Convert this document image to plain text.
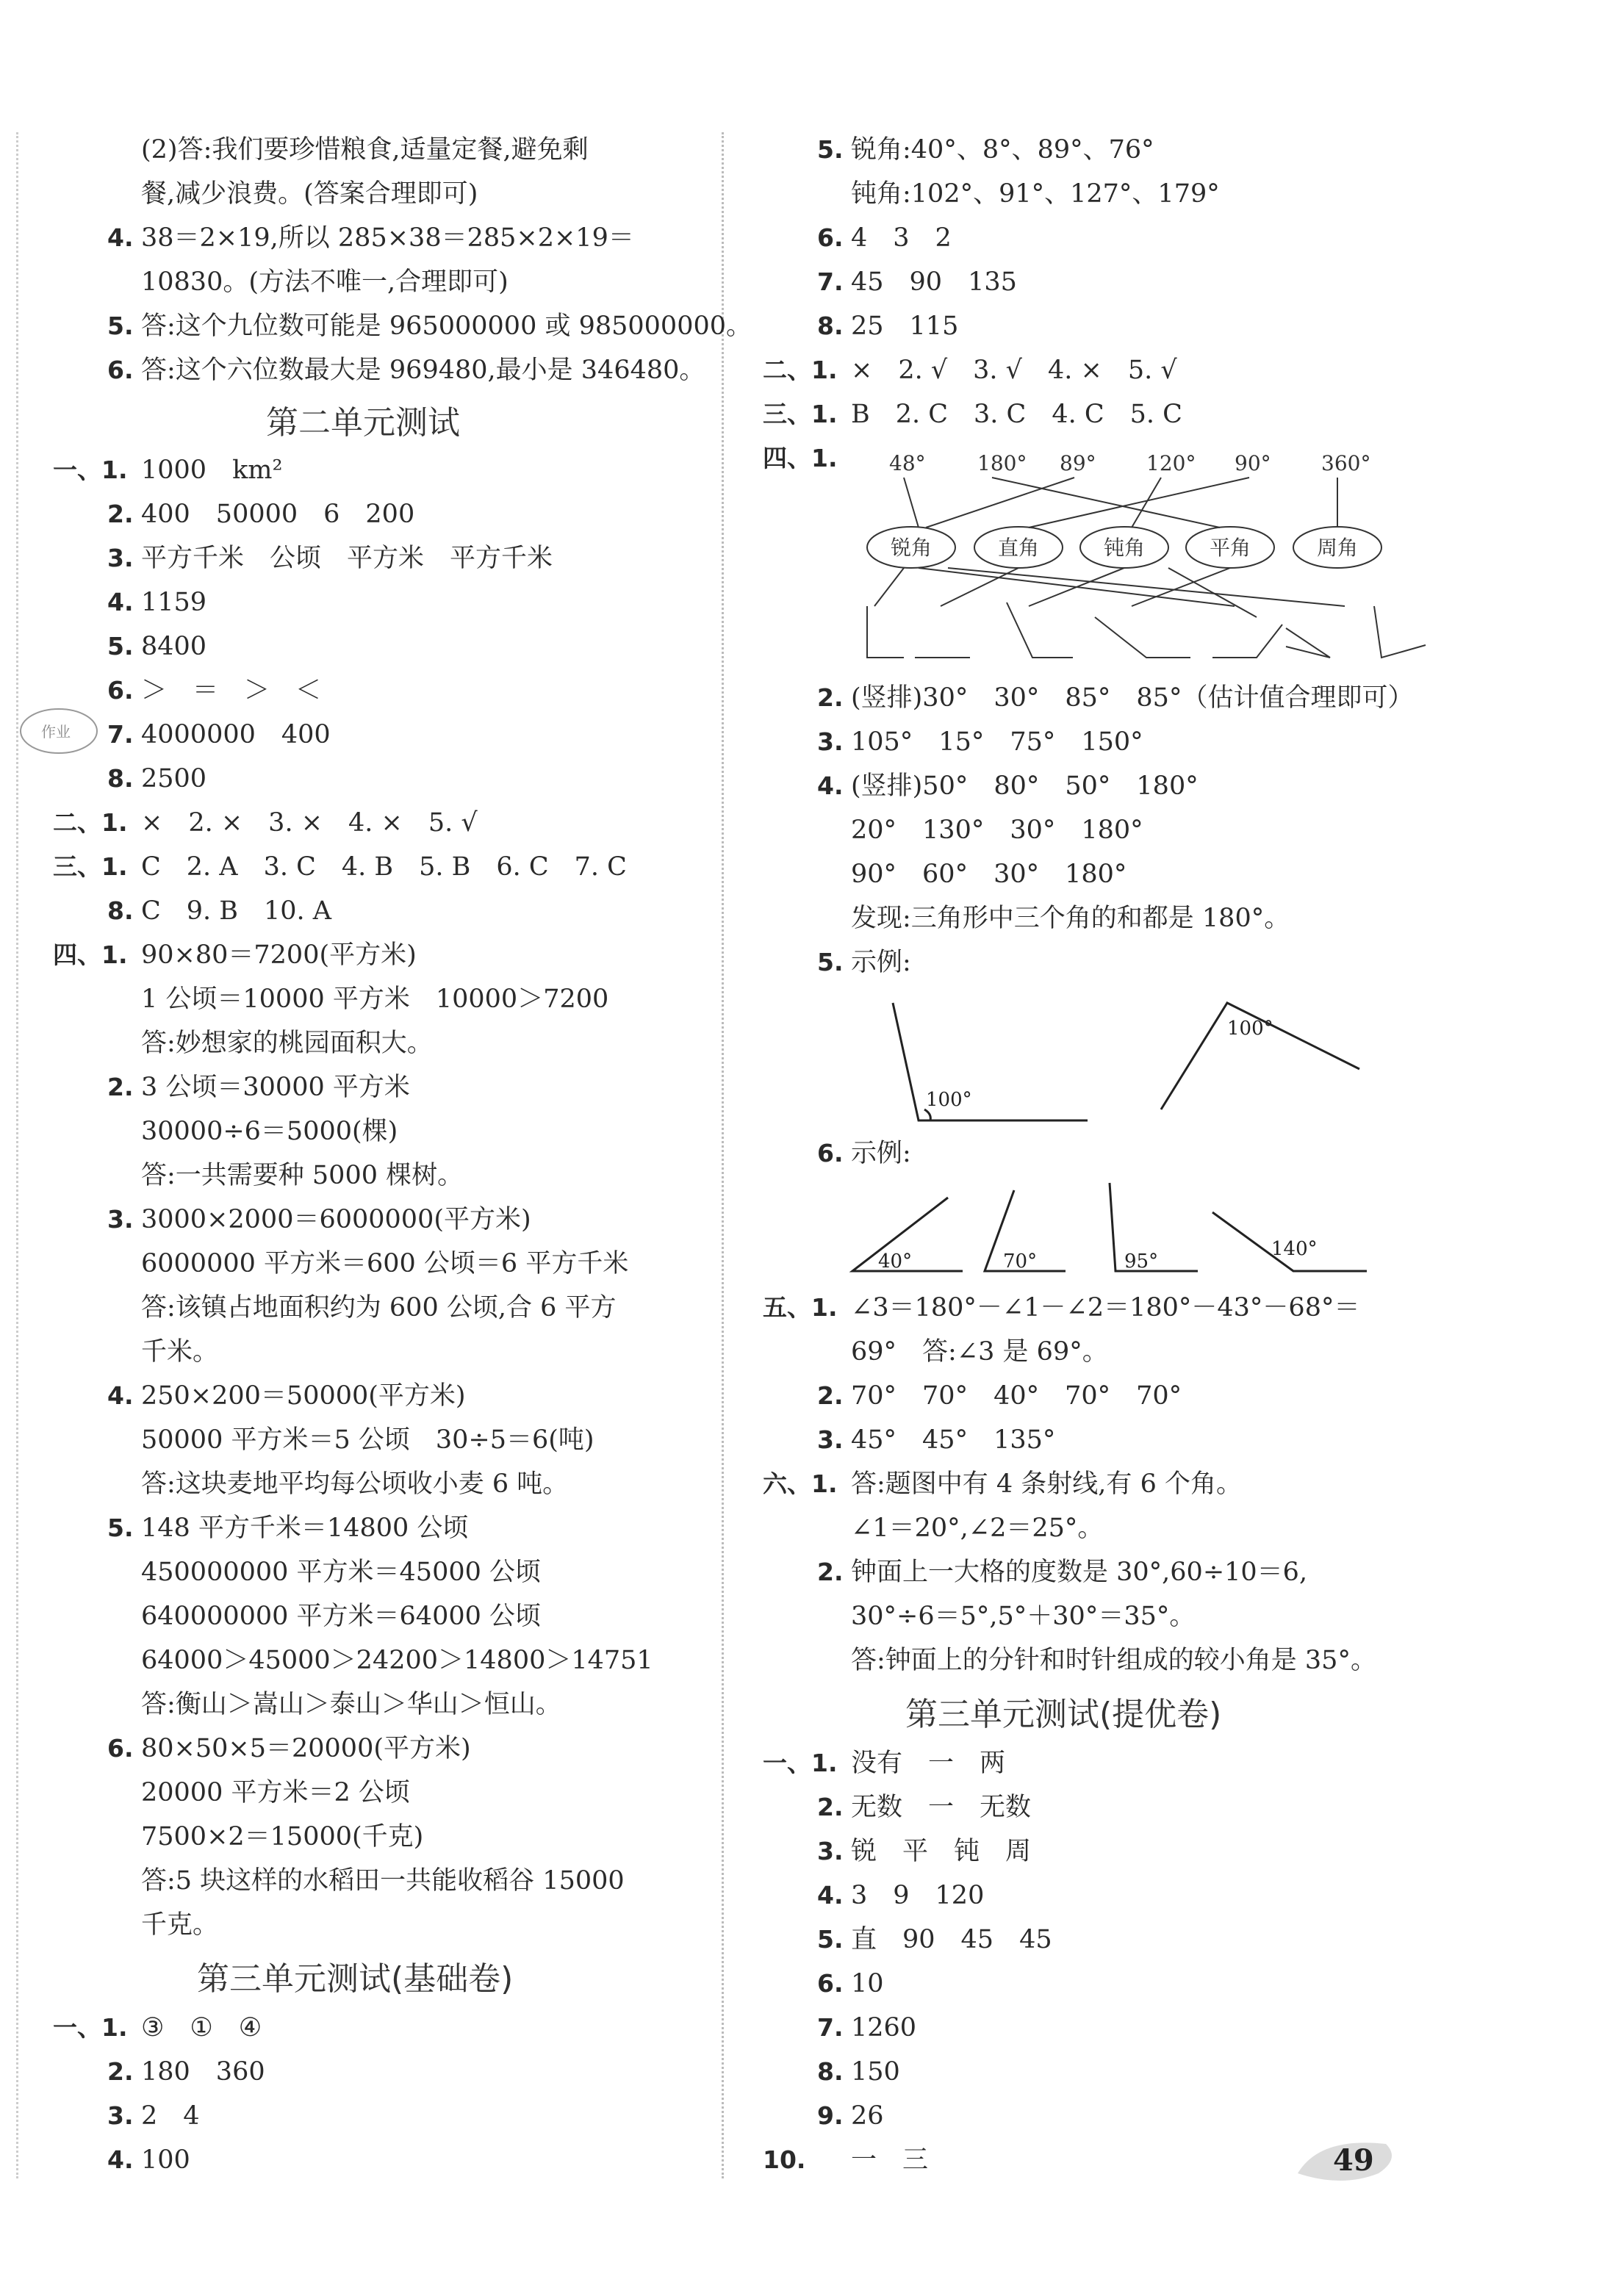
第二单元测试
第三单元测试(基础卷)
第三单元测试(提优卷)
(2)答:我们要珍惜粮食,适量定餐,避免剩
餐,减少浪费。(答案合理即可)
4. 38＝2×19,所以 285×38＝285×2×19＝
10830。(方法不唯一,合理即可)
5. 答:这个九位数可能是 965000000 或 985000000。
6. 答:这个六位数最大是 969480,最小是 346480。
一、1. 1000　km²
2. 400　50000　6　200
3. 平方千米　公顷　平方米　平方千米
4. 1159
5. 8400
6. ＞　＝　＞　＜
7. 4000000　400
8. 2500
二、1. ×　2. ×　3. ×　4. ×　5. √
三、1. C　2. A　3. C　4. B　5. B　6. C　7. C
8. C　9. B　10. A
四、1. 90×80＝7200(平方米)
1 公顷＝10000 平方米　10000＞7200
答:妙想家的桃园面积大。
2. 3 公顷＝30000 平方米
30000÷6＝5000(棵)
答:一共需要种 5000 棵树。
3. 3000×2000＝6000000(平方米)
6000000 平方米＝600 公顷＝6 平方千米
答:该镇占地面积约为 600 公顷,合 6 平方
千米。
4. 250×200＝50000(平方米)
50000 平方米＝5 公顷　30÷5＝6(吨)
答:这块麦地平均每公顷收小麦 6 吨。
5. 148 平方千米＝14800 公顷
450000000 平方米＝45000 公顷
640000000 平方米＝64000 公顷
64000＞45000＞24200＞14800＞14751
答:衡山＞嵩山＞泰山＞华山＞恒山。
6. 80×50×5＝20000(平方米)
20000 平方米＝2 公顷
7500×2＝15000(千克)
答:5 块这样的水稻田一共能收稻谷 15000
千克。
一、1. ③　①　④
2. 180　360
3. 2　4
4. 100
5. 锐角:40°、8°、89°、76°
钝角:102°、91°、127°、179°
6. 4　3　2
7. 45　90　135
8. 25　115
二、1. ×　2. √　3. √　4. ×　5. √
三、1. B　2. C　3. C　4. C　5. C
四、1.
2. (竖排)30°　30°　85°　85°（估计值合理即可）
3. 105°　15°　75°　150°
4. (竖排)50°　80°　50°　180°
20°　130°　30°　180°
90°　60°　30°　180°
发现:三角形中三个角的和都是 180°。
5. 示例:
6. 示例:
五、1. ∠3＝180°－∠1－∠2＝180°－43°－68°＝
69°　答:∠3 是 69°。
2. 70°　70°　40°　70°　70°
3. 45°　45°　135°
六、1. 答:题图中有 4 条射线,有 6 个角。
∠1＝20°,∠2＝25°。
2. 钟面上一大格的度数是 30°,60÷10＝6,
30°÷6＝5°,5°＋30°＝35°。
答:钟面上的分针和时针组成的较小角是 35°。
一、1. 没有　一　两
2. 无数　一　无数
3. 锐　平　钝　周
4. 3　9　120
5. 直　90　45　45
6. 10
7. 1260
8. 150
9. 26
10. 一　三
作业
48°	180° 89° 120° 90° 360°
锐角	直角	钝角	平角	周角
100°
100°
40°	70°	95°
140°
49
